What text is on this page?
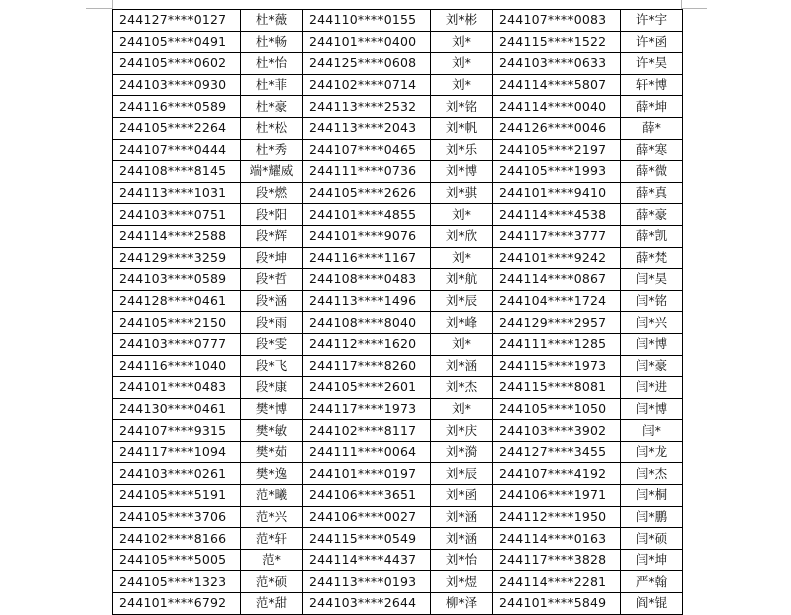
244127****0127	杜*薇	244110****0155	刘*彬	244107****0083	许*宇
244105****0491	杜*畅	244101****0400	刘*	244115****1522	许*函
244105****0602	杜*怡	244125****0608	刘*	244103****0633	许*昊
244103****0930	杜*菲	244102****0714	刘*	244114****5807	轩*博
244116****0589	杜*豪	244113****2532	刘*铭	244114****0040	薛*坤
244105****2264	杜*松	244113****2043	刘*帆	244126****0046	薛*
244107****0444	杜*秀	244107****0465	刘*乐	244105****2197	薛*寒
244108****8145	端*耀威	244111****0736	刘*博	244105****1993	薛*微
244113****1031	段*燃	244105****2626	刘*骐	244101****9410	薛*真
244103****0751	段*阳	244101****4855	刘*	244114****4538	薛*豪
244114****2588	段*辉	244101****9076	刘*欣	244117****3777	薛*凯
244129****3259	段*坤	244116****1167	刘*	244101****9242	薛*梵
244103****0589	段*哲	244108****0483	刘*航	244114****0867	闫*昊
244128****0461	段*涵	244113****1496	刘*辰	244104****1724	闫*铭
244105****2150	段*雨	244108****8040	刘*峰	244129****2957	闫*兴
244103****0777	段*雯	244112****1620	刘*	244111****1285	闫*博
244116****1040	段*飞	244117****8260	刘*涵	244115****1973	闫*豪
244101****0483	段*康	244105****2601	刘*杰	244115****8081	闫*进
244130****0461	樊*博	244117****1973	刘*	244105****1050	闫*博
244107****9315	樊*敏	244102****8117	刘*庆	244103****3902	闫*
244117****1094	樊*茹	244111****0064	刘*漪	244127****3455	闫*龙
244103****0261	樊*逸	244101****0197	刘*辰	244107****4192	闫*杰
244105****5191	范*曦	244106****3651	刘*函	244106****1971	闫*桐
244105****3706	范*兴	244106****0027	刘*涵	244112****1950	闫*鹏
244102****8166	范*轩	244115****0549	刘*涵	244114****0163	闫*硕
244105****5005	范*	244114****4437	刘*怡	244117****3828	闫*坤
244105****1323	范*硕	244113****0193	刘*煜	244114****2281	严*翰
244101****6792	范*甜	244103****2644	柳*泽	244101****5849	阎*锟
